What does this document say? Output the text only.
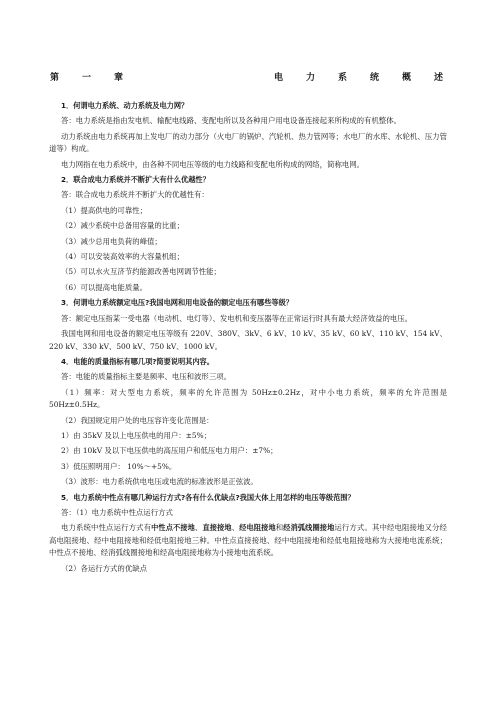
第	一	章	电	力	系	统	概	述

1．何谓电力系统、动力系统及电力网？

答：电力系统是指由发电机、输配电线路、变配电所以及各种用户用电设备连接起来所构成的有机整体。

动力系统由电力系统再加上发电厂的动力部分（火电厂的锅炉、汽轮机、热力管网等；水电厂的水库、水轮机、压力管道等）构成。

电力网指在电力系统中，由各种不同电压等级的电力线路和变配电所构成的网络，简称电网。

2．联合成电力系统并不断扩大有什么优越性？

答：联合成电力系统并不断扩大的优越性有：

（1）提高供电的可靠性；

（2）减少系统中总备用容量的比重；

（3）减少总用电负荷的峰值；

（4）可以安装高效率的大容量机组；

（5）可以水火互济节约能源改善电网调节性能；

（6）可以提高电能质量。

3．何谓电力系统额定电压?我国电网和用电设备的额定电压有哪些等级？

答：额定电压指某一受电器（电动机、电灯等）、发电机和变压器等在正常运行时具有最大经济效益的电压。

我国电网和用电设备的额定电压等级有 220V、380V、3kV、6 kV、10 kV、35 kV、60 kV、110 kV、154 kV、220 kV、330 kV、500 kV、750 kV、1000 kV。

4．电能的质量指标有哪几项?简要说明其内容。

答：电能的质量指标主要是频率、电压和波形三项。

（1）频率：对大型电力系统，频率的允许范围为 50Hz±0.2Hz，对中小电力系统，频率的允许范围是 50Hz±0.5Hz。

（2）我国规定用户处的电压容许变化范围是：

1）由 35kV 及以上电压供电的用户：±5%；

2）由 10kV 及以下电压供电的高压用户和低压电力用户：±7%；

3）低压照明用户： 10%～+5%。

（3）波形：电力系统供电电压或电流的标准波形是正弦波。

5．电力系统中性点有哪几种运行方式?各有什么优缺点?我国大体上用怎样的电压等级范围？

答：（1）电力系统中性点运行方式

电力系统中性点运行方式有中性点不接地、直接接地、经电阻接地和经消弧线圈接地运行方式。其中经电阻接地又分经高电阻接地、经中电阻接地和经低电阻接地三种。中性点直接接地、经中电阻接地和经低电阻接地称为大接地电流系统；中性点不接地、经消弧线圈接地和经高电阻接地称为小接地电流系统。

（2）各运行方式的优缺点
